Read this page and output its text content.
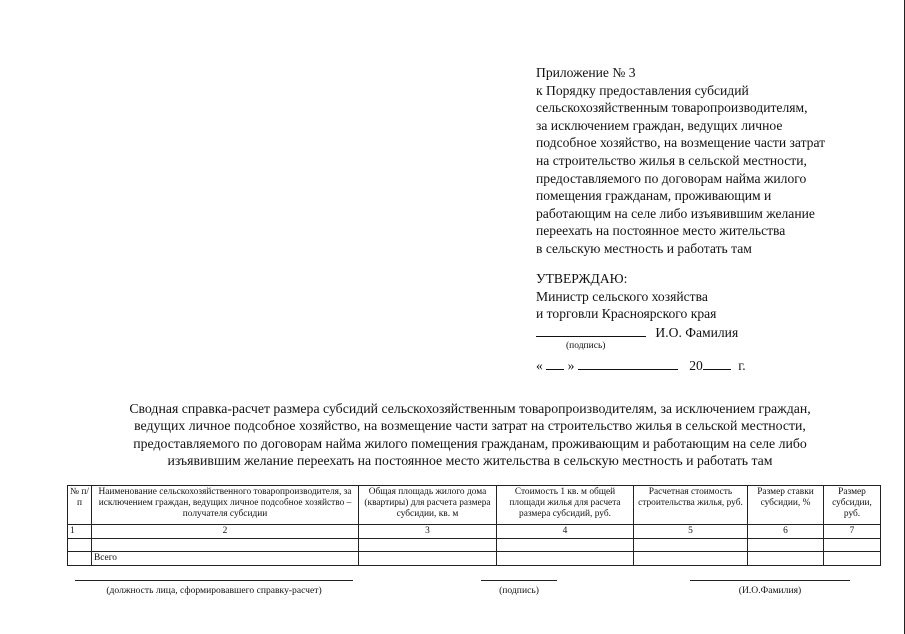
Приложение № 3
к Порядку предоставления субсидий
сельскохозяйственным товаропроизводителям,
за исключением граждан, ведущих личное
подсобное хозяйство, на возмещение части затрат
на строительство жилья в сельской местности,
предоставляемого по договорам найма жилого
помещения гражданам, проживающим и
работающим на селе либо изъявившим желание
переехать на постоянное место жительства
в сельскую местность и работать там
УТВЕРЖДАЮ:
Министр сельского хозяйства
и торговли Красноярского края
И.О. Фамилия
(подпись)
« »	20	г.
Сводная справка-расчет размера субсидий сельскохозяйственным товаропроизводителям, за исключением граждан,
ведущих личное подсобное хозяйство, на возмещение части затрат на строительство жилья в сельской местности,
предоставляемого по договорам найма жилого помещения гражданам, проживающим и работающим на селе либо
изъявившим желание переехать на постоянное место жительства в сельскую местность и работать там
№ п/п	Наименование сельскохозяйственного товаропроизводителя, за исключением граждан, ведущих личное подсобное хозяйство – получателя субсидии	Общая площадь жилого дома (квартиры) для расчета размера субсидии, кв. м	Стоимость 1 кв. м общей площади жилья для расчета размера субсидий, руб.	Расчетная стоимость строительства жилья, руб.	Размер ставки субсидии, %	Размер субсидии, руб.
1	2	3	4	5	6	7

	Всего					
(должность лица, сформировавшего справку-расчет)	(подпись)	(И.О.Фамилия)
